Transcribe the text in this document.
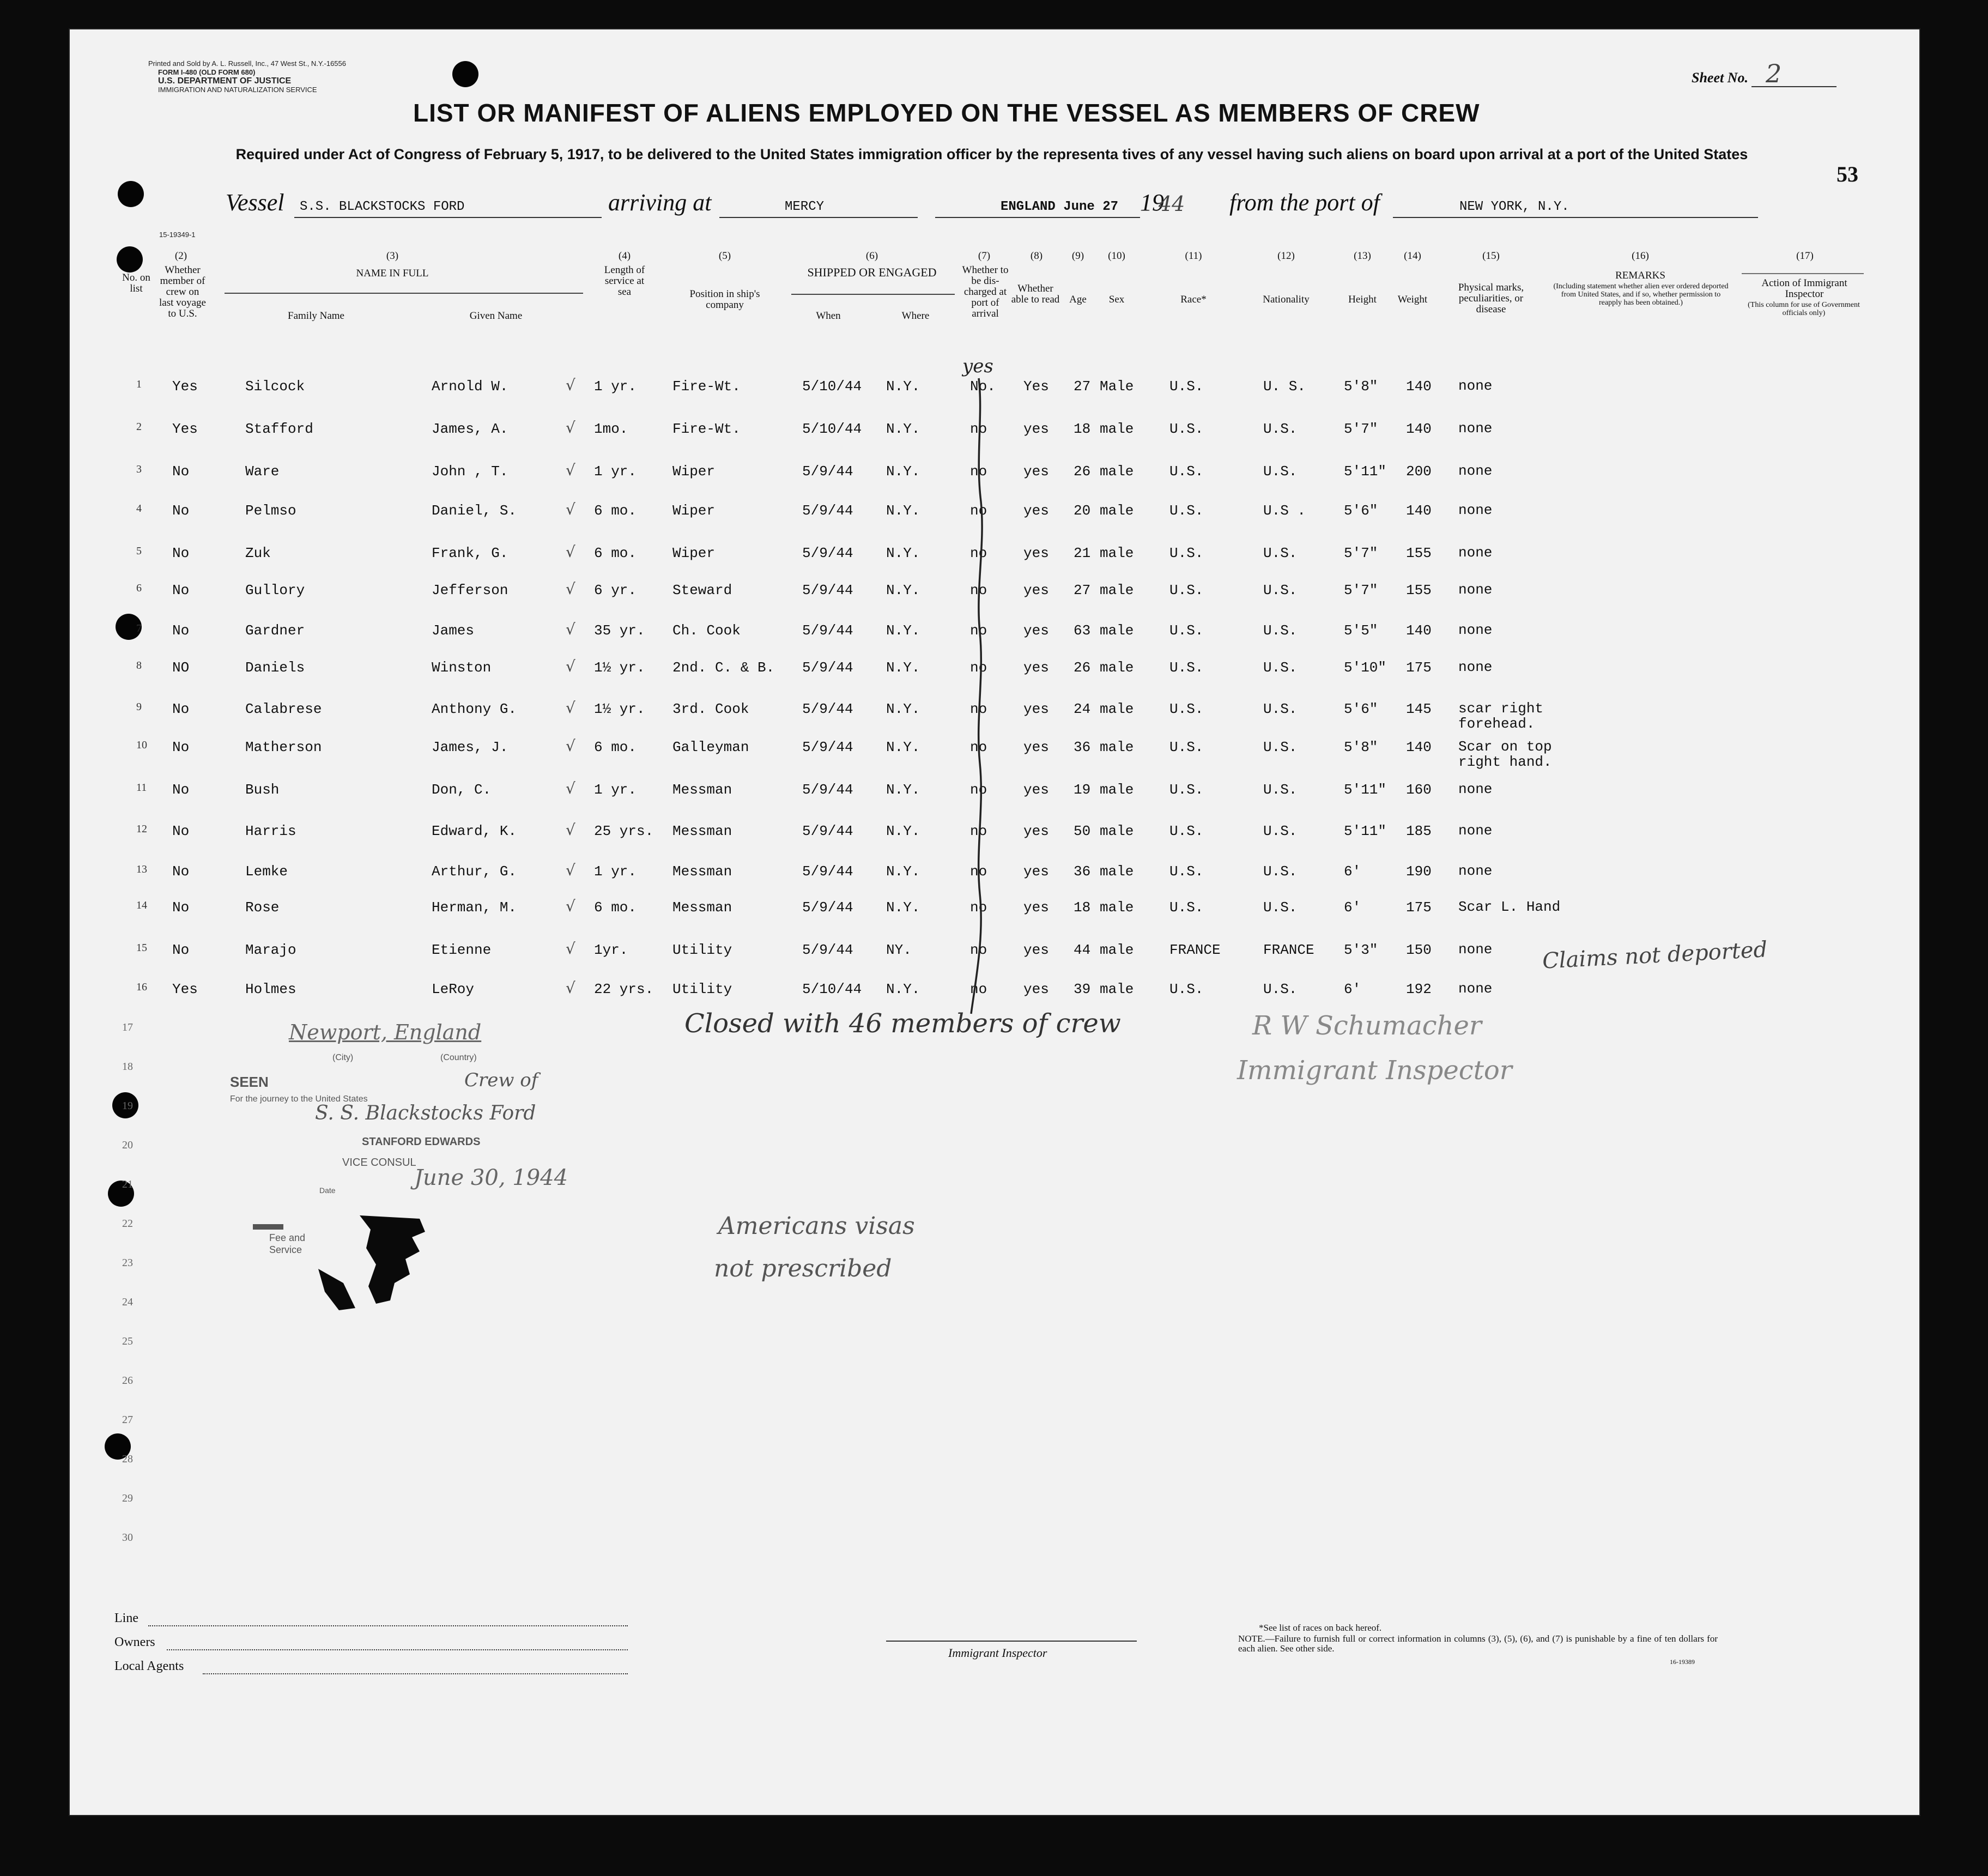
Printed and Sold by A. L. Russell, Inc., 47 West St., N.Y.-16556
FORM I-480 (OLD FORM 680)
U.S. DEPARTMENT OF JUSTICE
IMMIGRATION AND NATURALIZATION SERVICE
Sheet No. 2
LIST OR MANIFEST OF ALIENS EMPLOYED ON THE VESSEL AS MEMBERS OF CREW
Required under Act of Congress of February 5, 1917, to be delivered to the United States immigration officer by the representa tives of any vessel having such aliens on board upon arrival at a port of the United States
53
Vessel S.S. BLACKSTOCKS FORD	arriving at	MERCY	ENGLAND June 27 19
44 from the port of	NEW YORK, N.Y.
15-19349-1
No. on list
(2)
Whether member of crew on last voyage to U.S.
(3)
NAME IN FULL
Family Name	Given Name
(4)
Length of service at sea
(5)
Position in ship's company
(6)
SHIPPED OR ENGAGED
When	Where
(7)
Whether to be dis-charged at port of arrival
(8)
Whether able to read
(9)
Age
(10)
Sex
(11)
Race*
(12)
Nationality
(13)
Height
(14)
Weight
(15)
Physical marks, peculiarities, or disease
(16)
REMARKS
(Including statement whether alien ever ordered deported from United States, and if so, whether permission to reapply has been obtained.)
(17)
Action of Immigrant Inspector
(This column for use of Government officials only)
1 Yes	Silcock	Arnold W.	1 yr.	Fire-Wt.	5/10/44 N.Y.	No. Yes 27 Male	U.S.	U. S.	5'8" 140 none
√
2 Yes	Stafford	James, A.	1mo.	Fire-Wt.	5/10/44 N.Y.	no	yes 18 male	U.S.	U.S.	5'7" 140 none
√
3 No	Ware	John , T.	1 yr.	Wiper	5/9/44 N.Y.	no	yes 26 male	U.S.	U.S.	5'11" 200 none
√
4 No	Pelmso	Daniel, S.	6 mo.	Wiper	5/9/44 N.Y.	no	yes 20 male	U.S.	U.S .	5'6" 140 none
√
5 No	Zuk	Frank, G.	6 mo.	Wiper	5/9/44 N.Y.	no	yes 21 male	U.S.	U.S.	5'7" 155 none
√
6 No	Gullory	Jefferson	6 yr.	Steward	5/9/44 N.Y.	no	yes 27 male	U.S.	U.S.	5'7" 155 none
√
7 No	Gardner	James	35 yr. Ch. Cook	5/9/44 N.Y.	no	yes 63 male	U.S.	U.S.	5'5" 140 none
√
8 NO	Daniels	Winston	1½ yr. 2nd. C. & B. 5/9/44 N.Y.	no	yes 26 male	U.S.	U.S.	5'10" 175 none
√
9 No	Calabrese	Anthony G.	1½ yr. 3rd. Cook	5/9/44 N.Y.	no	yes 24 male	U.S.	U.S.	5'6" 145 scar right forehead.
√
10 No	Matherson	James, J.	6 mo.	Galleyman	5/9/44 N.Y.	no	yes 36 male	U.S.	U.S.	5'8" 140 Scar on top right hand.
√
11 No	Bush	Don, C.	1 yr.	Messman	5/9/44 N.Y.	no	yes 19 male	U.S.	U.S.	5'11" 160 none
√
12 No	Harris	Edward, K.	25 yrs. Messman	5/9/44 N.Y.	no	yes 50 male	U.S.	U.S.	5'11" 185 none
√
13 No	Lemke	Arthur, G.	1 yr.	Messman	5/9/44 N.Y.	no	yes 36 male	U.S.	U.S.	6'	190 none
√
14 No	Rose	Herman, M.	6 mo.	Messman	5/9/44 N.Y.	no	yes 18 male	U.S.	U.S.	6'	175 Scar L. Hand
√
15 No	Marajo	Etienne	1yr.	Utility	5/9/44 NY.	no	yes 44 male	FRANCE	FRANCE 5'3" 150 none
√
16 Yes	Holmes	LeRoy	22 yrs. Utility	5/10/44 N.Y.	no	yes 39 male	U.S.	U.S.	6'	192 none
√
17
18
19
20
21
22
23
24
25
26
27
28
29
30
yes
Claims not deported
Closed with 46 members of crew	R W Schumacher
Immigrant Inspector
Americans visas
not prescribed
Newport, England
(City)	(Country)
SEEN
For the journey to the United States
Crew of
S. S. Blackstocks Ford
STANFORD EDWARDS
VICE CONSUL
Date	June 30, 1944
Fee and Service
Line
Owners
Local Agents
Immigrant Inspector
*See list of races on back hereof.
NOTE.—Failure to furnish full or correct information in columns (3), (5), (6), and (7) is punishable by a fine of ten dollars for each alien. See other side.
16-19389
